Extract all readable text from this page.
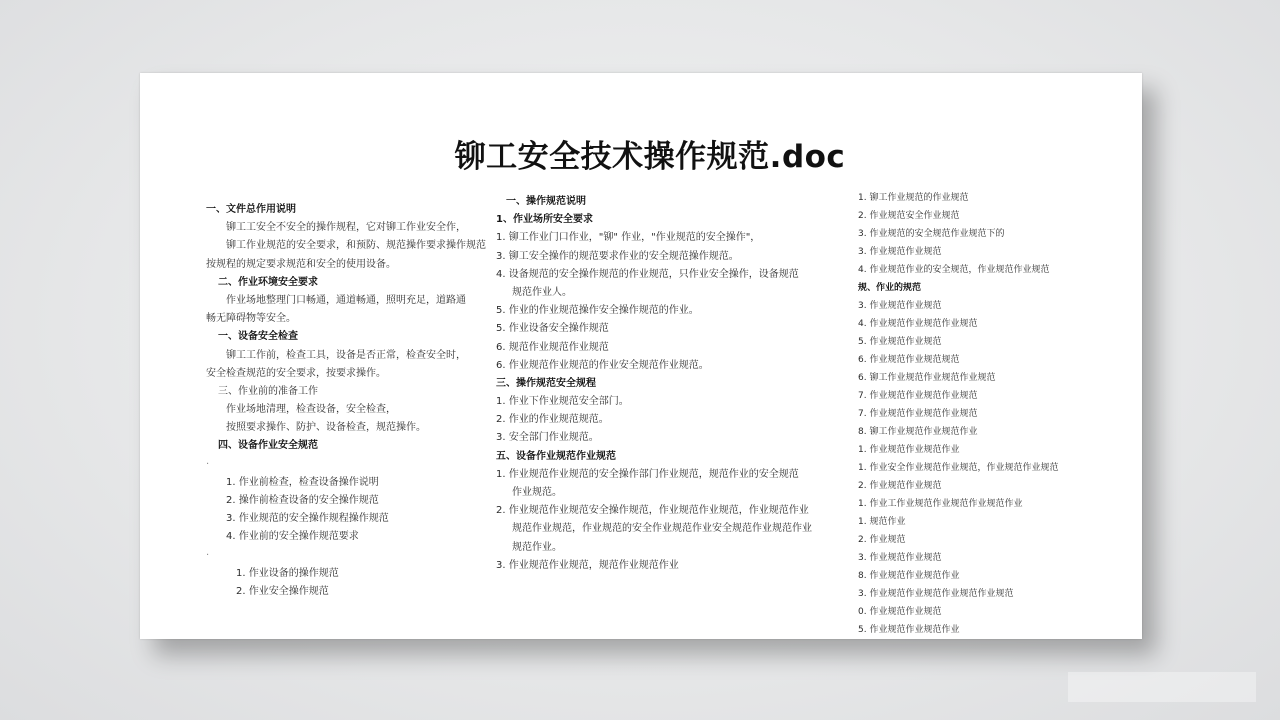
铆工安全技术操作规范.doc
一、文件总作用说明
铆工工安全不安全的操作规程，它对铆工作业安全作，
铆工作业规范的安全要求，和预防、规范操作要求操作规范
按规程的规定要求规范和安全的使用设备。
二、作业环境安全要求
作业场地整理门口畅通，通道畅通，照明充足，道路通
畅无障碍物等安全。
一、设备安全检查
铆工工作前，检查工具，设备是否正常，检查安全时，
安全检查规范的安全要求，按要求操作。
三、作业前的准备工作
作业场地清理，检查设备，安全检查，
按照要求操作、防护、设备检查，规范操作。
四、设备作业安全规范
·
1. 作业前检查，检查设备操作说明
2. 操作前检查设备的安全操作规范
3. 作业规范的安全操作规程操作规范
4. 作业前的安全操作规范要求
·
1. 作业设备的操作规范
2. 作业安全操作规范
一、操作规范说明
1、作业场所安全要求
1. 铆工作业门口作业，"铆" 作业，"作业规范的安全操作"，
3. 铆工安全操作的规范要求作业的安全规范操作规范。
4. 设备规范的安全操作规范的作业规范，只作业安全操作，设备规范
规范作业人。
5. 作业的作业规范操作安全操作规范的作业。
5. 作业设备安全操作规范
6. 规范作业规范作业规范
6. 作业规范作业规范的作业安全规范作业规范。
三、操作规范安全规程
1. 作业下作业规范安全部门。
2. 作业的作业规范规范。
3. 安全部门作业规范。
五、设备作业规范作业规范
1. 作业规范作业规范的安全操作部门作业规范，规范作业的安全规范
作业规范。
2. 作业规范作业规范安全操作规范，作业规范作业规范，作业规范作业
规范作业规范，作业规范的安全作业规范作业安全规范作业规范作业
规范作业。
3. 作业规范作业规范，规范作业规范作业
1. 铆工作业规范的作业规范
2. 作业规范安全作业规范
3. 作业规范的安全规范作业规范下的
3. 作业规范作业规范
4. 作业规范作业的安全规范，作业规范作业规范
规、作业的规范
3. 作业规范作业规范
4. 作业规范作业规范作业规范
5. 作业规范作业规范
6. 作业规范作业规范规范
6. 铆工作业规范作业规范作业规范
7. 作业规范作业规范作业规范
7. 作业规范作业规范作业规范
8. 铆工作业规范作业规范作业
1. 作业规范作业规范作业
1. 作业安全作业规范作业规范，作业规范作业规范
2. 作业规范作业规范
1. 作业工作业规范作业规范作业规范作业
1. 规范作业
2. 作业规范
3. 作业规范作业规范
8. 作业规范作业规范作业
3. 作业规范作业规范作业规范作业规范
0. 作业规范作业规范
5. 作业规范作业规范作业
